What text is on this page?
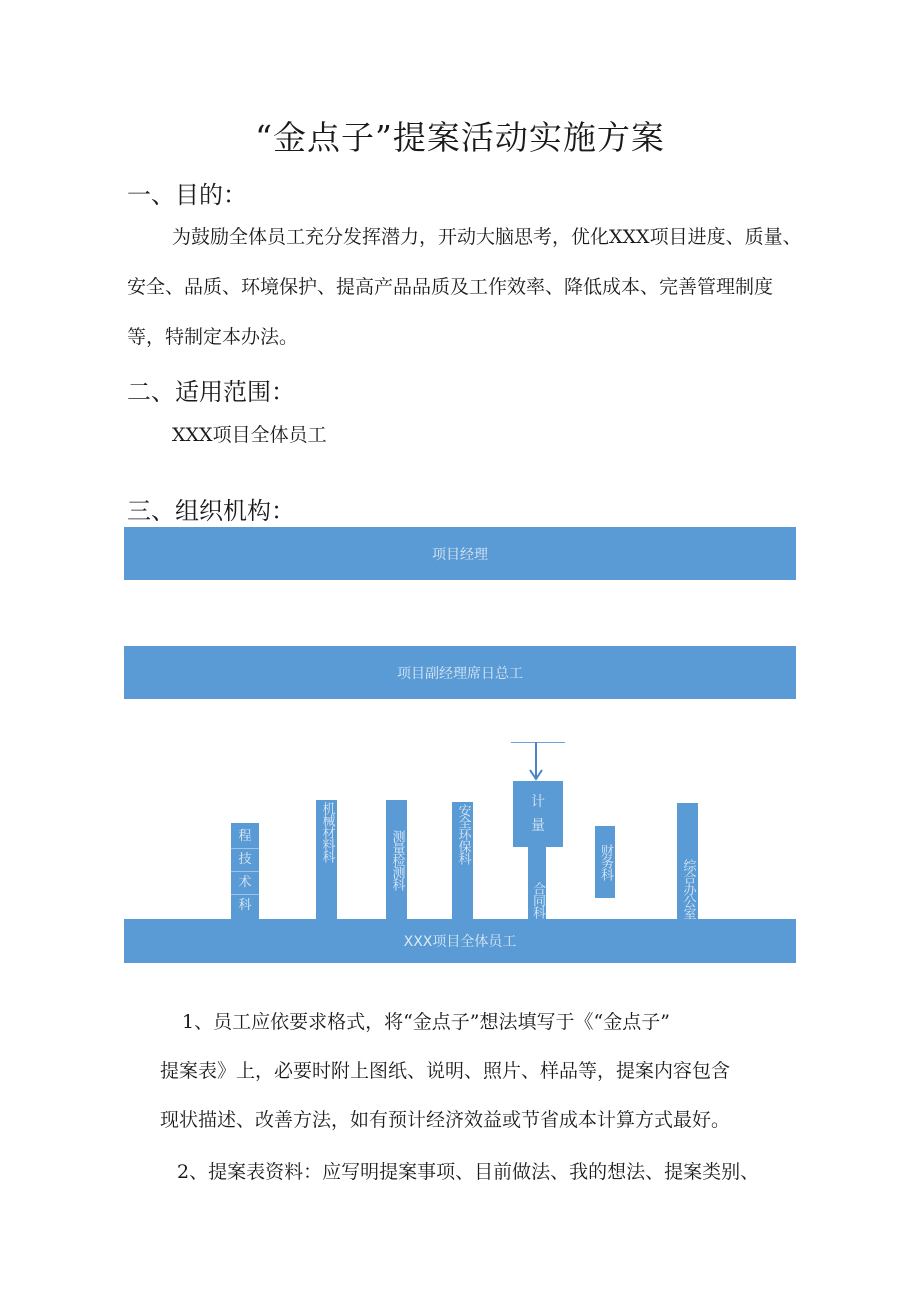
“金点子”提案活动实施方案
一、目的：
为鼓励全体员工充分发挥潜力，开动大脑思考，优化XXX项目进度、质量、安全、品质、环境保护、提高产品品质及工作效率、降低成本、完善管理制度等，特制定本办法。
二、适用范围：
XXX项目全体员工
三、组织机构：
项目经理
项目副经理席日总工
程
技
术
科
机械材料科	测量检测科	安全环保科
计
量
合同科
财务科	综合办公室
XXX项目全体员工
1、员工应依要求格式，将“金点子”想法填写于《“金点子”
提案表》上，必要时附上图纸、说明、照片、样品等，提案内容包含
现状描述、改善方法，如有预计经济效益或节省成本计算方式最好。
2、提案表资料：应写明提案事项、目前做法、我的想法、提案类别、
